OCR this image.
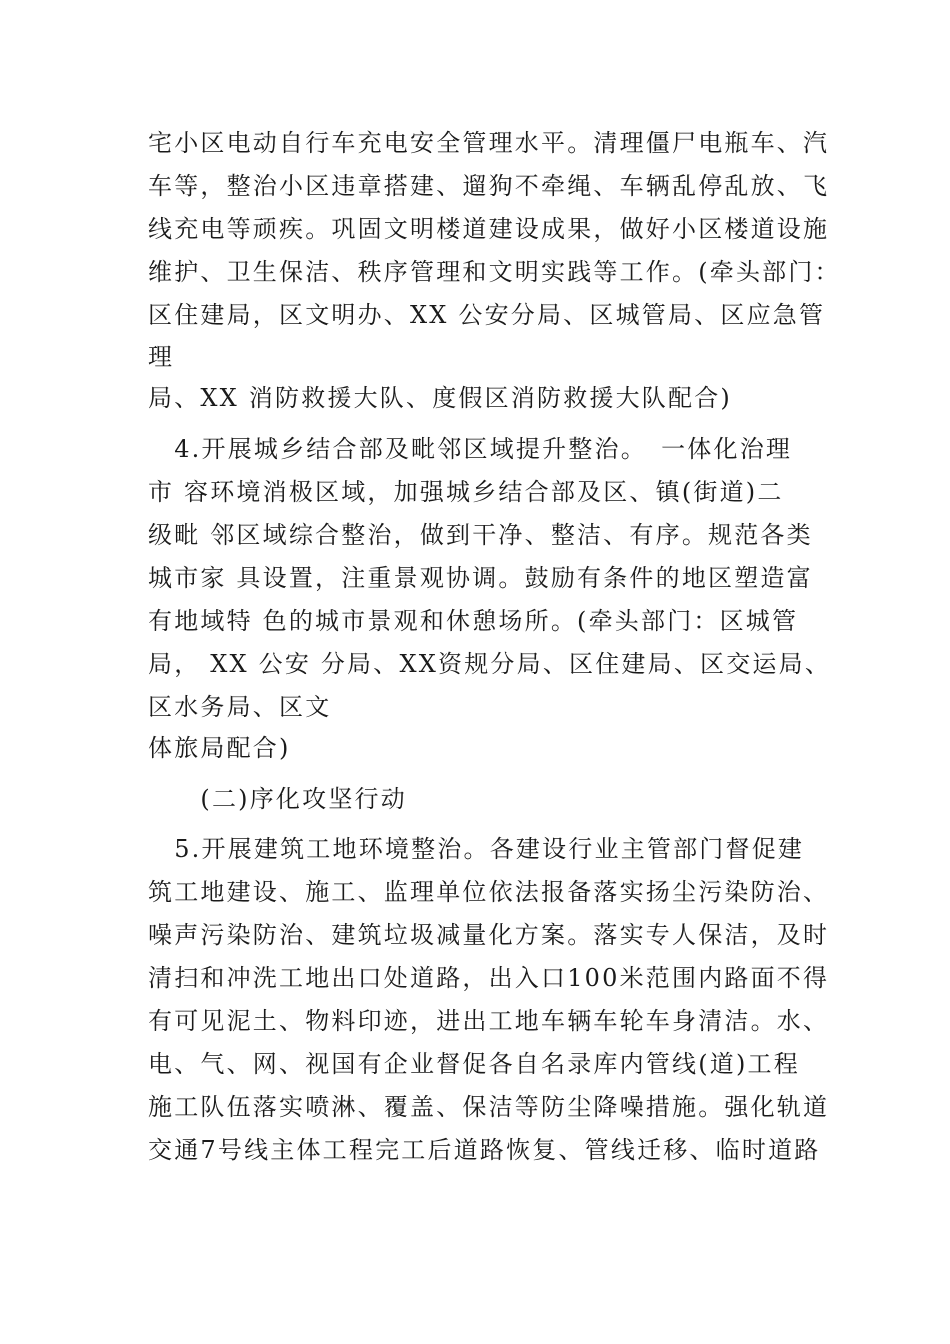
宅小区电动自行车充电安全管理水平。清理僵尸电瓶车、汽
车等，整治小区违章搭建、遛狗不牵绳、车辆乱停乱放、飞
线充电等顽疾。巩固文明楼道建设成果，做好小区楼道设施
维护、卫生保洁、秩序管理和文明实践等工作。(牵头部门：
区住建局，区文明办、XX 公安分局、区城管局、区应急管
理
局、XX 消防救援大队、度假区消防救援大队配合)
　4.开展城乡结合部及毗邻区域提升整治。　一体化治理
市 容环境消极区域，加强城乡结合部及区、镇(街道)二
级毗 邻区域综合整治，做到干净、整洁、有序。规范各类
城市家 具设置，注重景观协调。鼓励有条件的地区塑造富
有地域特 色的城市景观和休憩场所。(牵头部门：区城管
局， XX 公安 分局、XX资规分局、区住建局、区交运局、
区水务局、区文
体旅局配合)
　　(二)序化攻坚行动
　5.开展建筑工地环境整治。各建设行业主管部门督促建
筑工地建设、施工、监理单位依法报备落实扬尘污染防治、
噪声污染防治、建筑垃圾减量化方案。落实专人保洁，及时
清扫和冲洗工地出口处道路，出入口100米范围内路面不得
有可见泥土、物料印迹，进出工地车辆车轮车身清洁。水、
电、气、网、视国有企业督促各自名录库内管线(道)工程
施工队伍落实喷淋、覆盖、保洁等防尘降噪措施。强化轨道
交通7号线主体工程完工后道路恢复、管线迁移、临时道路
